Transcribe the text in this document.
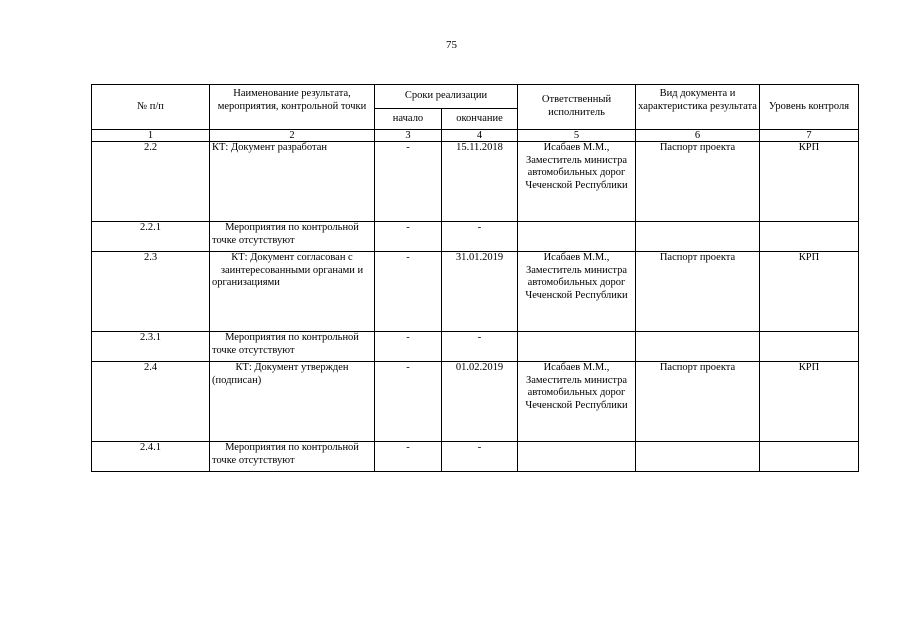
75
№ п/п	Наименование результата, мероприятия, контрольной точки	Сроки реализации		Ответственный исполнитель	Вид документа и характеристика результата	Уровень контроля
		начало	окончание			
1	2	3	4	5	6	7
2.2	КТ: Документ разработан	-	15.11.2018	Исабаев М.М., Заместитель министра автомобильных дорог Чеченской Республики	Паспорт проекта	КРП
2.2.1	Мероприятия по контрольной точке отсутствуют	-	-			
2.3	КТ: Документ согласован с заинтересованными органами и организациями	-	31.01.2019	Исабаев М.М., Заместитель министра автомобильных дорог Чеченской Республики	Паспорт проекта	КРП
2.3.1	Мероприятия по контрольной точке отсутствуют	-	-			
2.4	КТ: Документ утвержден (подписан)	-	01.02.2019	Исабаев М.М., Заместитель министра автомобильных дорог Чеченской Республики	Паспорт проекта	КРП
2.4.1	Мероприятия по контрольной точке отсутствуют	-	-			
